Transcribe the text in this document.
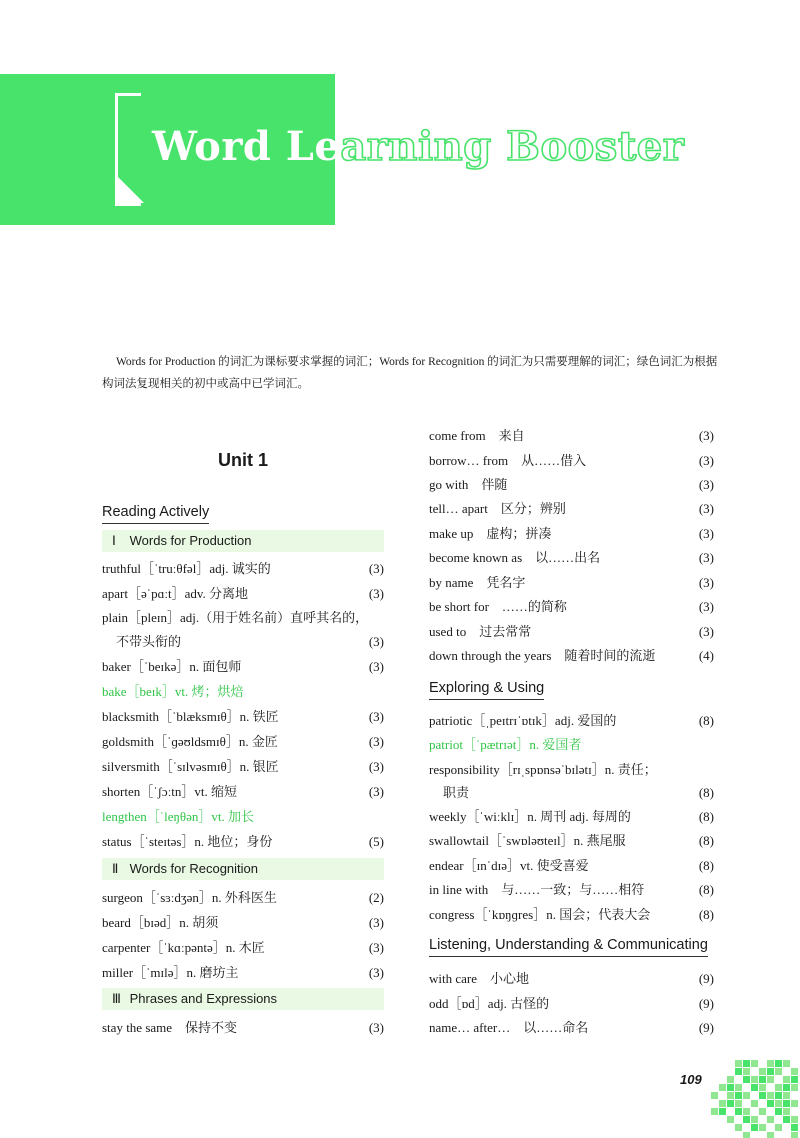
Word Learning Booster

Words for Production 的词汇为课标要求掌握的词汇；Words for Recognition 的词汇为只需要理解的词汇；绿色词汇为根据构词法复现相关的初中或高中已学词汇。

Unit 1
Reading Actively
Ⅰ Words for Production
truthful［ˈtruːθfəl］adj. 诚实的	(3)
apart［əˈpɑːt］adv. 分离地	(3)
plain［pleɪn］adj.（用于姓名前）直呼其名的，
不带头衔的	(3)
baker［ˈbeɪkə］n. 面包师	(3)
bake［beɪk］vt. 烤；烘焙
blacksmith［ˈblæksmɪθ］n. 铁匠	(3)
goldsmith［ˈɡəʊldsmɪθ］n. 金匠	(3)
silversmith［ˈsɪlvəsmɪθ］n. 银匠	(3)
shorten［ˈʃɔːtn］vt. 缩短	(3)
lengthen［ˈleŋθən］vt. 加长
status［ˈsteɪtəs］n. 地位；身份	(5)
Ⅱ Words for Recognition
surgeon［ˈsɜːdʒən］n. 外科医生	(2)
beard［bɪəd］n. 胡须	(3)
carpenter［ˈkɑːpəntə］n. 木匠	(3)
miller［ˈmɪlə］n. 磨坊主	(3)
Ⅲ Phrases and Expressions
stay the same　保持不变	(3)
come from　来自	(3)
borrow… from　从……借入	(3)
go with　伴随	(3)
tell… apart　区分；辨别	(3)
make up　虚构；拼凑	(3)
become known as　以……出名	(3)
by name　凭名字	(3)
be short for　……的简称	(3)
used to　过去常常	(3)
down through the years　随着时间的流逝	(4)
Exploring & Using
patriotic［ˌpeɪtrɪˈɒtɪk］adj. 爱国的	(8)
patriot［ˈpætrɪət］n. 爱国者
responsibility［rɪˌspɒnsəˈbɪlətɪ］n. 责任；
职责	(8)
weekly［ˈwiːklɪ］n. 周刊 adj. 每周的	(8)
swallowtail［ˈswɒləʊteɪl］n. 燕尾服	(8)
endear［ɪnˈdɪə］vt. 使受喜爱	(8)
in line with　与……一致；与……相符	(8)
congress［ˈkɒŋɡres］n. 国会；代表大会	(8)
Listening, Understanding & Communicating
with care　小心地	(9)
odd［ɒd］adj. 古怪的	(9)
name… after…　以……命名	(9)
109
